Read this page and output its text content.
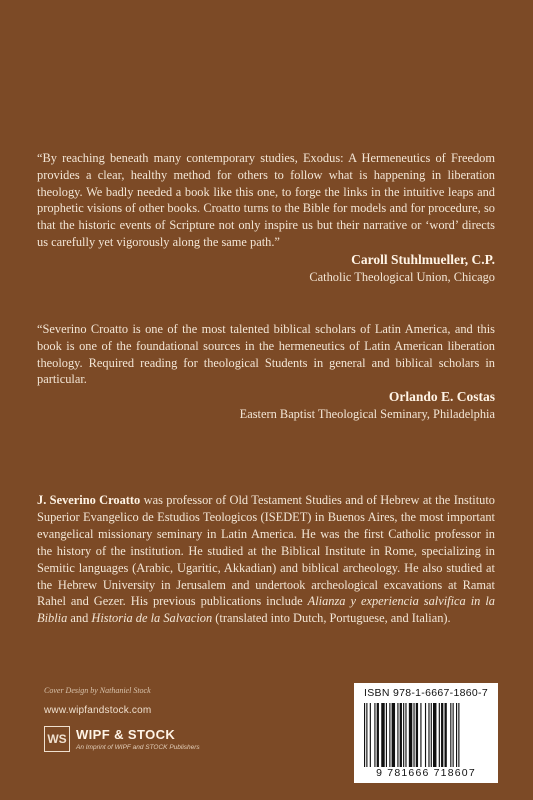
“By reaching beneath many contemporary studies, Exodus: A Hermeneutics of Freedom provides a clear, healthy method for others to follow what is happening in liberation theology. We badly needed a book like this one, to forge the links in the intuitive leaps and prophetic visions of other books. Croatto turns to the Bible for models and for procedure, so that the historic events of Scripture not only inspire us but their narrative or ‘word’ directs us carefully yet vigorously along the same path.”

Caroll Stuhlmueller, C.P.
Catholic Theological Union, Chicago

“Severino Croatto is one of the most talented biblical scholars of Latin America, and this book is one of the foundational sources in the hermeneutics of Latin American liberation theology. Required reading for theological Students in general and biblical scholars in particular.

Orlando E. Costas
Eastern Baptist Theological Seminary, Philadelphia
J. Severino Croatto was professor of Old Testament Studies and of Hebrew at the Instituto Superior Evangelico de Estudios Teologicos (ISEDET) in Buenos Aires, the most important evangelical missionary seminary in Latin America. He was the first Catholic professor in the history of the institution. He studied at the Biblical Institute in Rome, specializing in Semitic languages (Arabic, Ugaritic, Akkadian) and biblical archeology. He also studied at the Hebrew University in Jerusalem and undertook archeological excavations at Ramat Rahel and Gezer. His previous publications include Alianza y experiencia salvifica in la Biblia and Historia de la Salvacion (translated into Dutch, Portuguese, and Italian).
Cover Design by Nathaniel Stock
www.wipfandstock.com
WS WIPF & STOCK
An Imprint of WIPF and STOCK Publishers
ISBN 978-1-6667-1860-7
9 781666 718607
